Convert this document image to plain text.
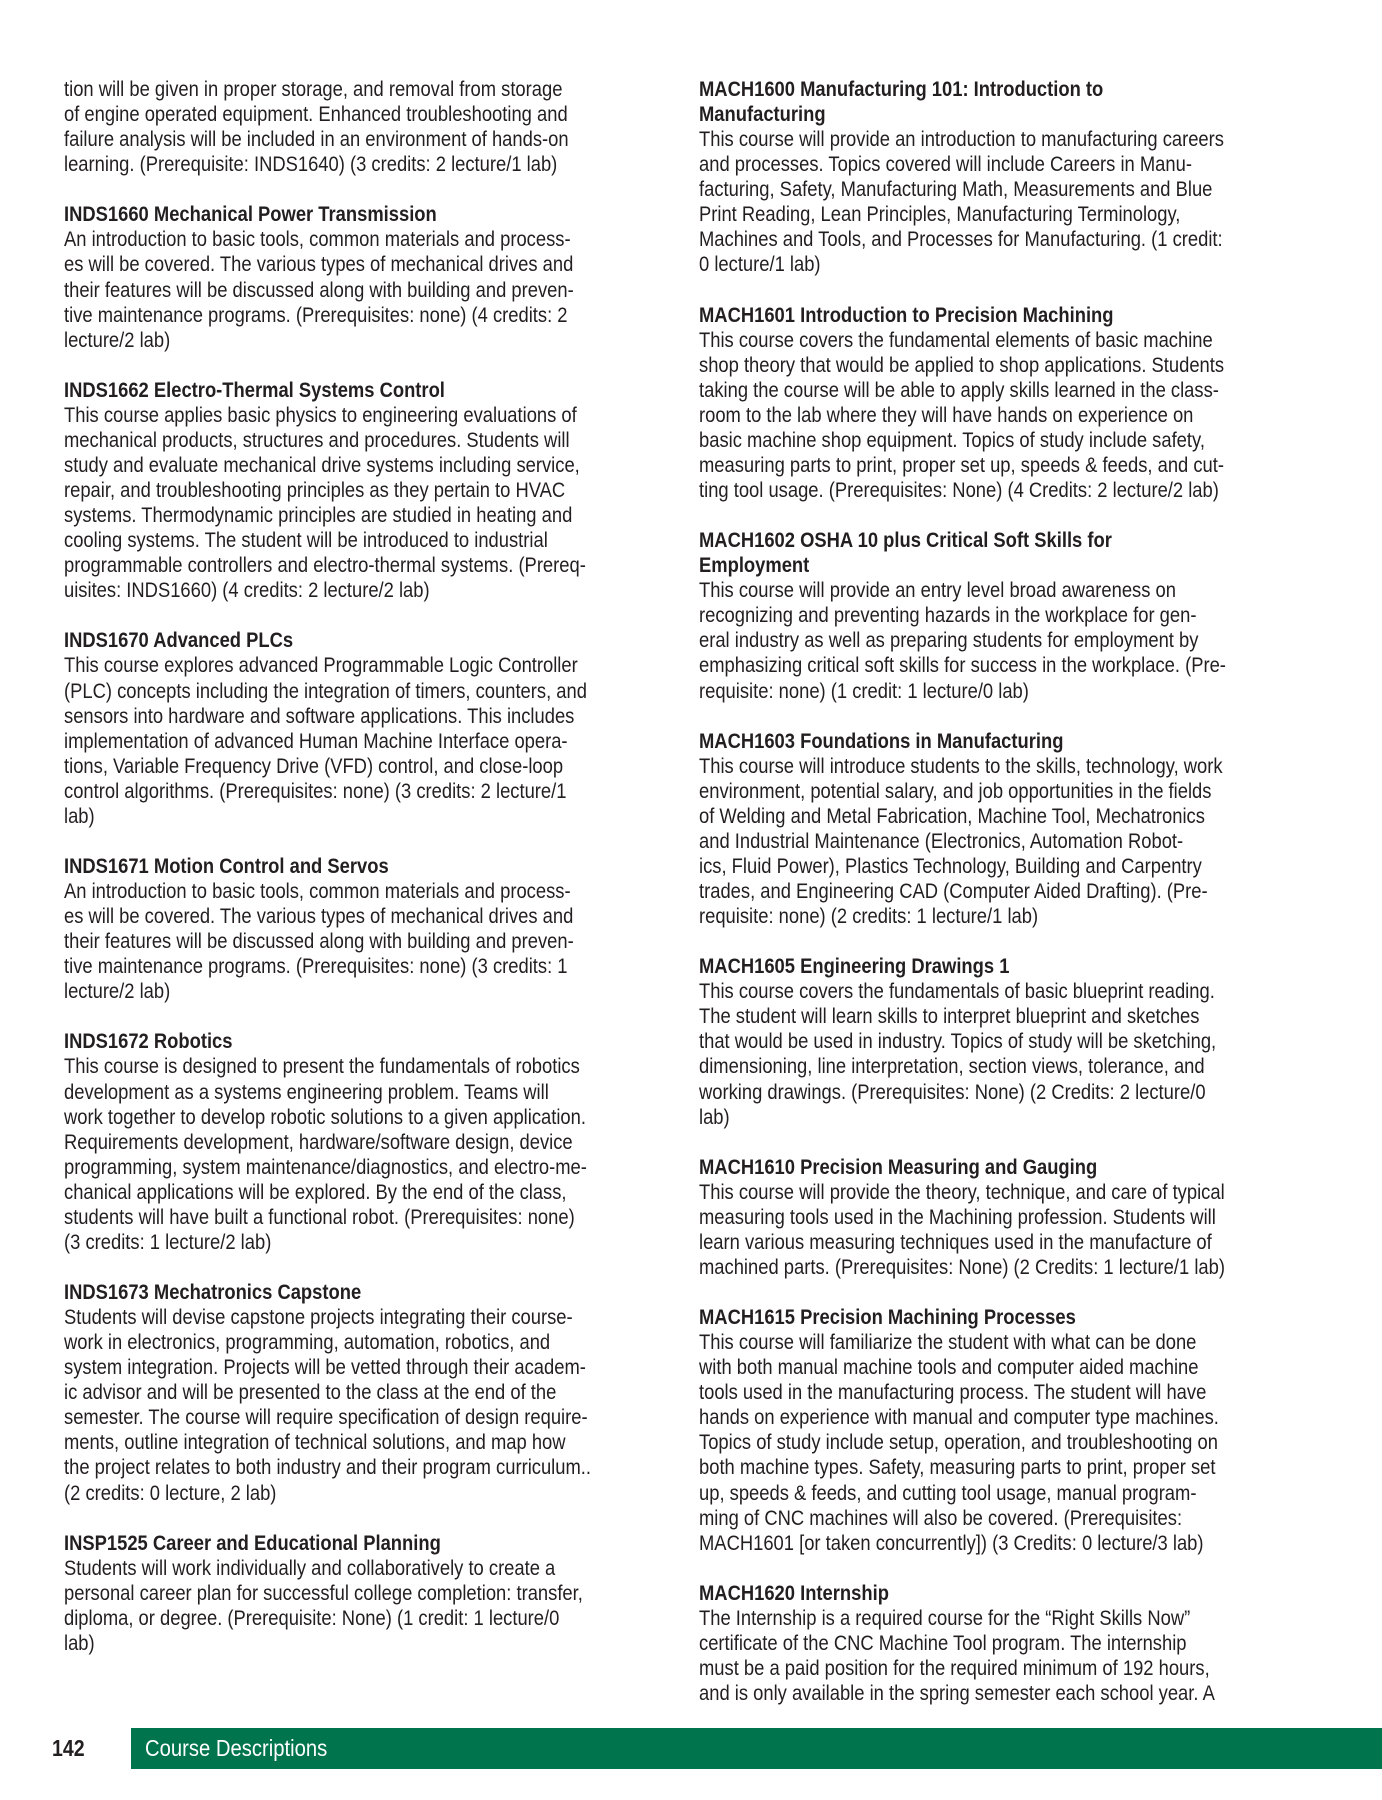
tion will be given in proper storage, and removal from storage
of engine operated equipment. Enhanced troubleshooting and
failure analysis will be included in an environment of hands-on
learning. (Prerequisite: INDS1640) (3 credits: 2 lecture/1 lab)
INDS1660 Mechanical Power Transmission
An introduction to basic tools, common materials and process-
es will be covered. The various types of mechanical drives and
their features will be discussed along with building and preven-
tive maintenance programs. (Prerequisites: none) (4 credits: 2
lecture/2 lab)
INDS1662 Electro-Thermal Systems Control
This course applies basic physics to engineering evaluations of
mechanical products, structures and procedures. Students will
study and evaluate mechanical drive systems including service,
repair, and troubleshooting principles as they pertain to HVAC
systems. Thermodynamic principles are studied in heating and
cooling systems. The student will be introduced to industrial
programmable controllers and electro-thermal systems. (Prereq-
uisites: INDS1660) (4 credits: 2 lecture/2 lab)
INDS1670 Advanced PLCs
This course explores advanced Programmable Logic Controller
(PLC) concepts including the integration of timers, counters, and
sensors into hardware and software applications. This includes
implementation of advanced Human Machine Interface opera-
tions, Variable Frequency Drive (VFD) control, and close-loop
control algorithms. (Prerequisites: none) (3 credits: 2 lecture/1
lab)
INDS1671 Motion Control and Servos
An introduction to basic tools, common materials and process-
es will be covered. The various types of mechanical drives and
their features will be discussed along with building and preven-
tive maintenance programs. (Prerequisites: none) (3 credits: 1
lecture/2 lab)
INDS1672 Robotics
This course is designed to present the fundamentals of robotics
development as a systems engineering problem. Teams will
work together to develop robotic solutions to a given application.
Requirements development, hardware/software design, device
programming, system maintenance/diagnostics, and electro-me-
chanical applications will be explored. By the end of the class,
students will have built a functional robot. (Prerequisites: none)
(3 credits: 1 lecture/2 lab)
INDS1673 Mechatronics Capstone
Students will devise capstone projects integrating their course-
work in electronics, programming, automation, robotics, and
system integration. Projects will be vetted through their academ-
ic advisor and will be presented to the class at the end of the
semester. The course will require specification of design require-
ments, outline integration of technical solutions, and map how
the project relates to both industry and their program curriculum..
(2 credits: 0 lecture, 2 lab)
INSP1525 Career and Educational Planning
Students will work individually and collaboratively to create a
personal career plan for successful college completion: transfer,
diploma, or degree. (Prerequisite: None) (1 credit: 1 lecture/0
lab)
MACH1600 Manufacturing 101: Introduction to
Manufacturing
This course will provide an introduction to manufacturing careers
and processes. Topics covered will include Careers in Manu-
facturing, Safety, Manufacturing Math, Measurements and Blue
Print Reading, Lean Principles, Manufacturing Terminology,
Machines and Tools, and Processes for Manufacturing. (1 credit:
0 lecture/1 lab)
MACH1601 Introduction to Precision Machining
This course covers the fundamental elements of basic machine
shop theory that would be applied to shop applications. Students
taking the course will be able to apply skills learned in the class-
room to the lab where they will have hands on experience on
basic machine shop equipment. Topics of study include safety,
measuring parts to print, proper set up, speeds & feeds, and cut-
ting tool usage. (Prerequisites: None) (4 Credits: 2 lecture/2 lab)
MACH1602 OSHA 10 plus Critical Soft Skills for
Employment
This course will provide an entry level broad awareness on
recognizing and preventing hazards in the workplace for gen-
eral industry as well as preparing students for employment by
emphasizing critical soft skills for success in the workplace. (Pre-
requisite: none) (1 credit: 1 lecture/0 lab)
MACH1603 Foundations in Manufacturing
This course will introduce students to the skills, technology, work
environment, potential salary, and job opportunities in the fields
of Welding and Metal Fabrication, Machine Tool, Mechatronics
and Industrial Maintenance (Electronics, Automation Robot-
ics, Fluid Power), Plastics Technology, Building and Carpentry
trades, and Engineering CAD (Computer Aided Drafting). (Pre-
requisite: none) (2 credits: 1 lecture/1 lab)
MACH1605 Engineering Drawings 1
This course covers the fundamentals of basic blueprint reading.
The student will learn skills to interpret blueprint and sketches
that would be used in industry. Topics of study will be sketching,
dimensioning, line interpretation, section views, tolerance, and
working drawings. (Prerequisites: None) (2 Credits: 2 lecture/0
lab)
MACH1610 Precision Measuring and Gauging
This course will provide the theory, technique, and care of typical
measuring tools used in the Machining profession. Students will
learn various measuring techniques used in the manufacture of
machined parts. (Prerequisites: None) (2 Credits: 1 lecture/1 lab)
MACH1615 Precision Machining Processes
This course will familiarize the student with what can be done
with both manual machine tools and computer aided machine
tools used in the manufacturing process. The student will have
hands on experience with manual and computer type machines.
Topics of study include setup, operation, and troubleshooting on
both machine types. Safety, measuring parts to print, proper set
up, speeds & feeds, and cutting tool usage, manual program-
ming of CNC machines will also be covered. (Prerequisites:
MACH1601 [or taken concurrently]) (3 Credits: 0 lecture/3 lab)
MACH1620 Internship
The Internship is a required course for the “Right Skills Now”
certificate of the CNC Machine Tool program. The internship
must be a paid position for the required minimum of 192 hours,
and is only available in the spring semester each school year. A
142	Course Descriptions
